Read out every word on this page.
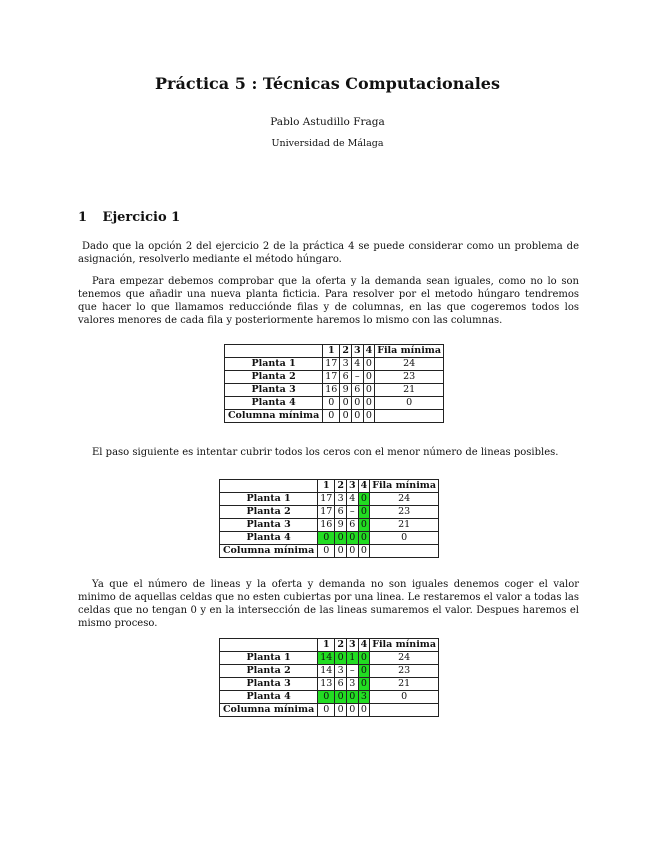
Práctica 5 : Técnicas Computacionales
Pablo Astudillo Fraga
Universidad de Málaga
1 Ejercicio 1
Dado que la opción 2 del ejercicio 2 de la práctica 4 se puede considerar como un problema de asignación, resolverlo mediante el método húngaro.
Para empezar debemos comprobar que la oferta y la demanda sean iguales, como no lo son tenemos que añadir una nueva planta ficticia. Para resolver por el metodo húngaro tendremos que hacer lo que llamamos reducciónde filas y de columnas, en las que cogeremos todos los valores menores de cada fila y posteriormente haremos lo mismo con las columnas.
	1	2	3	4	Fila mínima
Planta 1	17	3	4	0	24
Planta 2	17	6	–	0	23
Planta 3	16	9	6	0	21
Planta 4	0	0	0	0	0
Columna mínima	0	0	0	0	
El paso siguiente es intentar cubrir todos los ceros con el menor número de lineas posibles.
	1	2	3	4	Fila mínima
Planta 1	17	3	4	0	24
Planta 2	17	6	–	0	23
Planta 3	16	9	6	0	21
Planta 4	0	0	0	0	0
Columna mínima	0	0	0	0	
Ya que el número de lineas y la oferta y demanda no son iguales denemos coger el valor minimo de aquellas celdas que no esten cubiertas por una linea. Le restaremos el valor a todas las celdas que no tengan 0 y en la intersección de las lineas sumaremos el valor. Despues haremos el mismo proceso.
	1	2	3	4	Fila mínima
Planta 1	14	0	1	0	24
Planta 2	14	3	–	0	23
Planta 3	13	6	3	0	21
Planta 4	0	0	0	3	0
Columna mínima	0	0	0	0	
